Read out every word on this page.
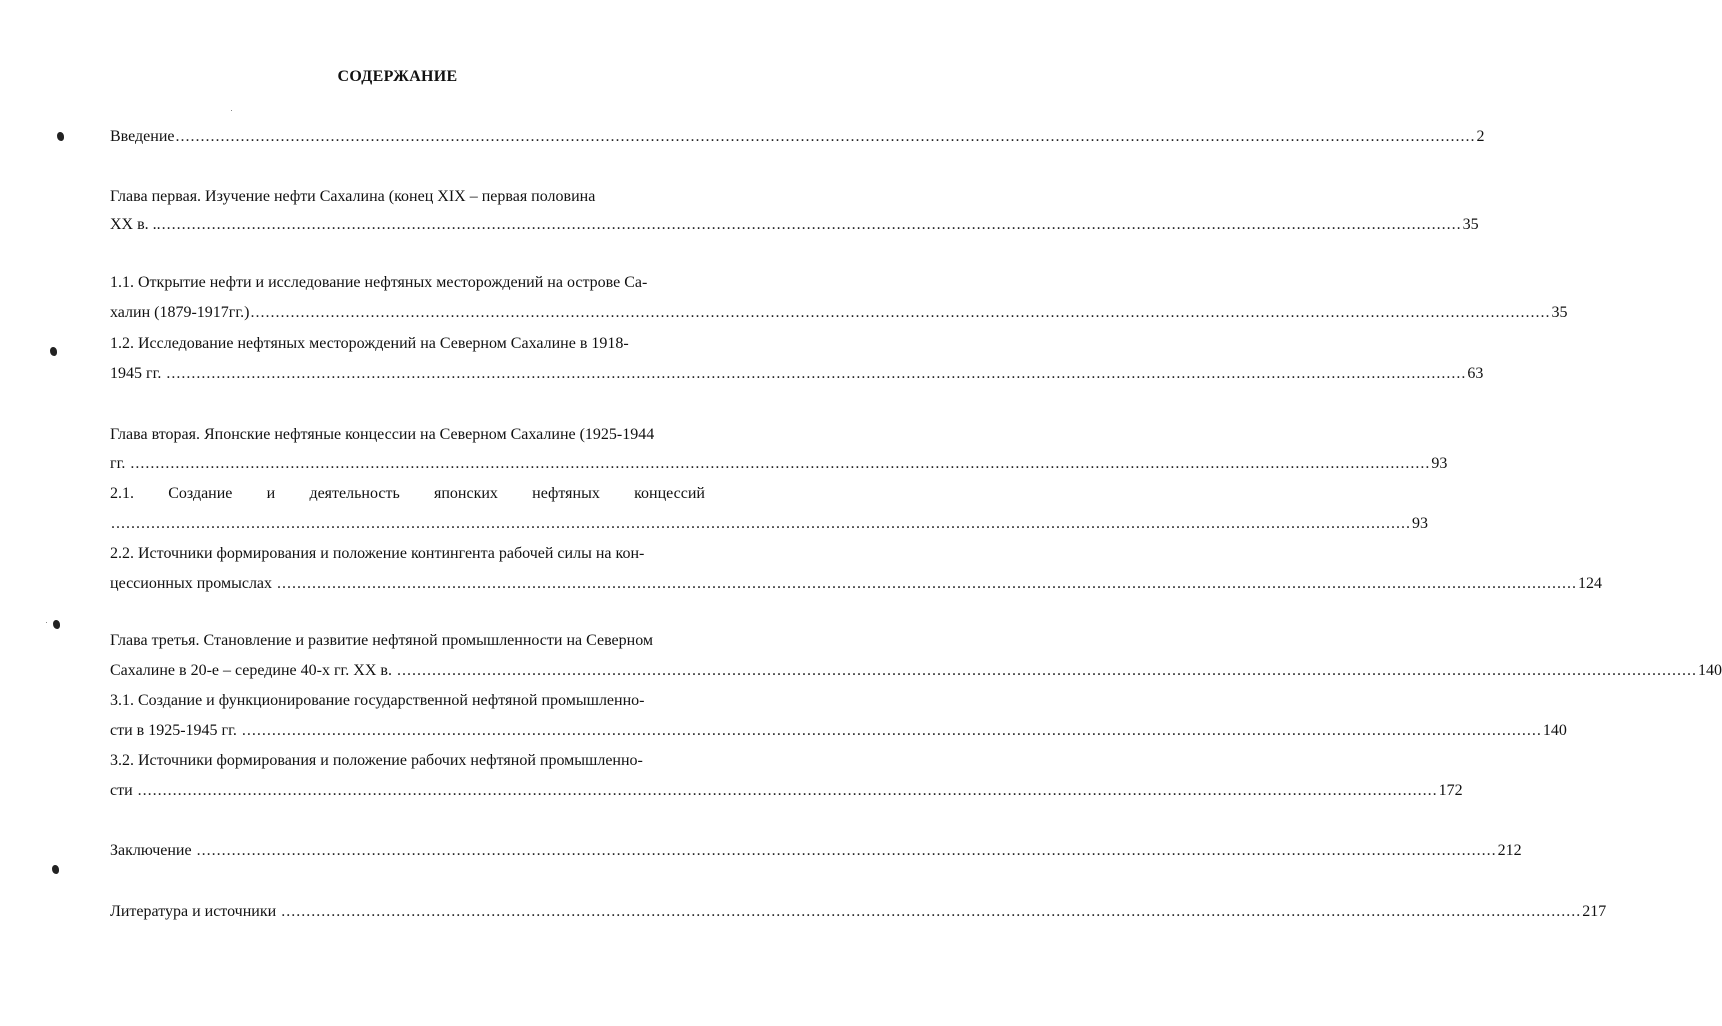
СОДЕРЖАНИЕ
Введение .................................................................................................................................................................................................................................................................... 2
Глава первая. Изучение нефти Сахалина (конец XIX – первая половина
XX в. .. .................................................................................................................................................................................................................................................................... 35
1.1. Открытие нефти и исследование нефтяных месторождений на острове Са-
халин (1879-1917гг.) .................................................................................................................................................................................................................................................................... 35
1.2. Исследование нефтяных месторождений на Северном Сахалине в 1918-
1945 гг. .................................................................................................................................................................................................................................................................... 63
Глава вторая. Японские нефтяные концессии на Северном Сахалине (1925-1944
гг. .................................................................................................................................................................................................................................................................... 93
2.1. Создание и деятельность японских нефтяных концессий
.................................................................................................................................................................................................................................................................... 93
2.2. Источники формирования и положение контингента рабочей силы на кон-
цессионных промыслах .................................................................................................................................................................................................................................................................... 124
Глава третья. Становление и развитие нефтяной промышленности на Северном
Сахалине в 20-е – середине 40-х гг. XX в. .................................................................................................................................................................................................................................................................... 140
3.1. Создание и функционирование государственной нефтяной промышленно-
сти в 1925-1945 гг. .................................................................................................................................................................................................................................................................... 140
3.2. Источники формирования и положение рабочих нефтяной промышленно-
сти .................................................................................................................................................................................................................................................................... 172
Заключение .................................................................................................................................................................................................................................................................... 212
Литература и источники .................................................................................................................................................................................................................................................................... 217
